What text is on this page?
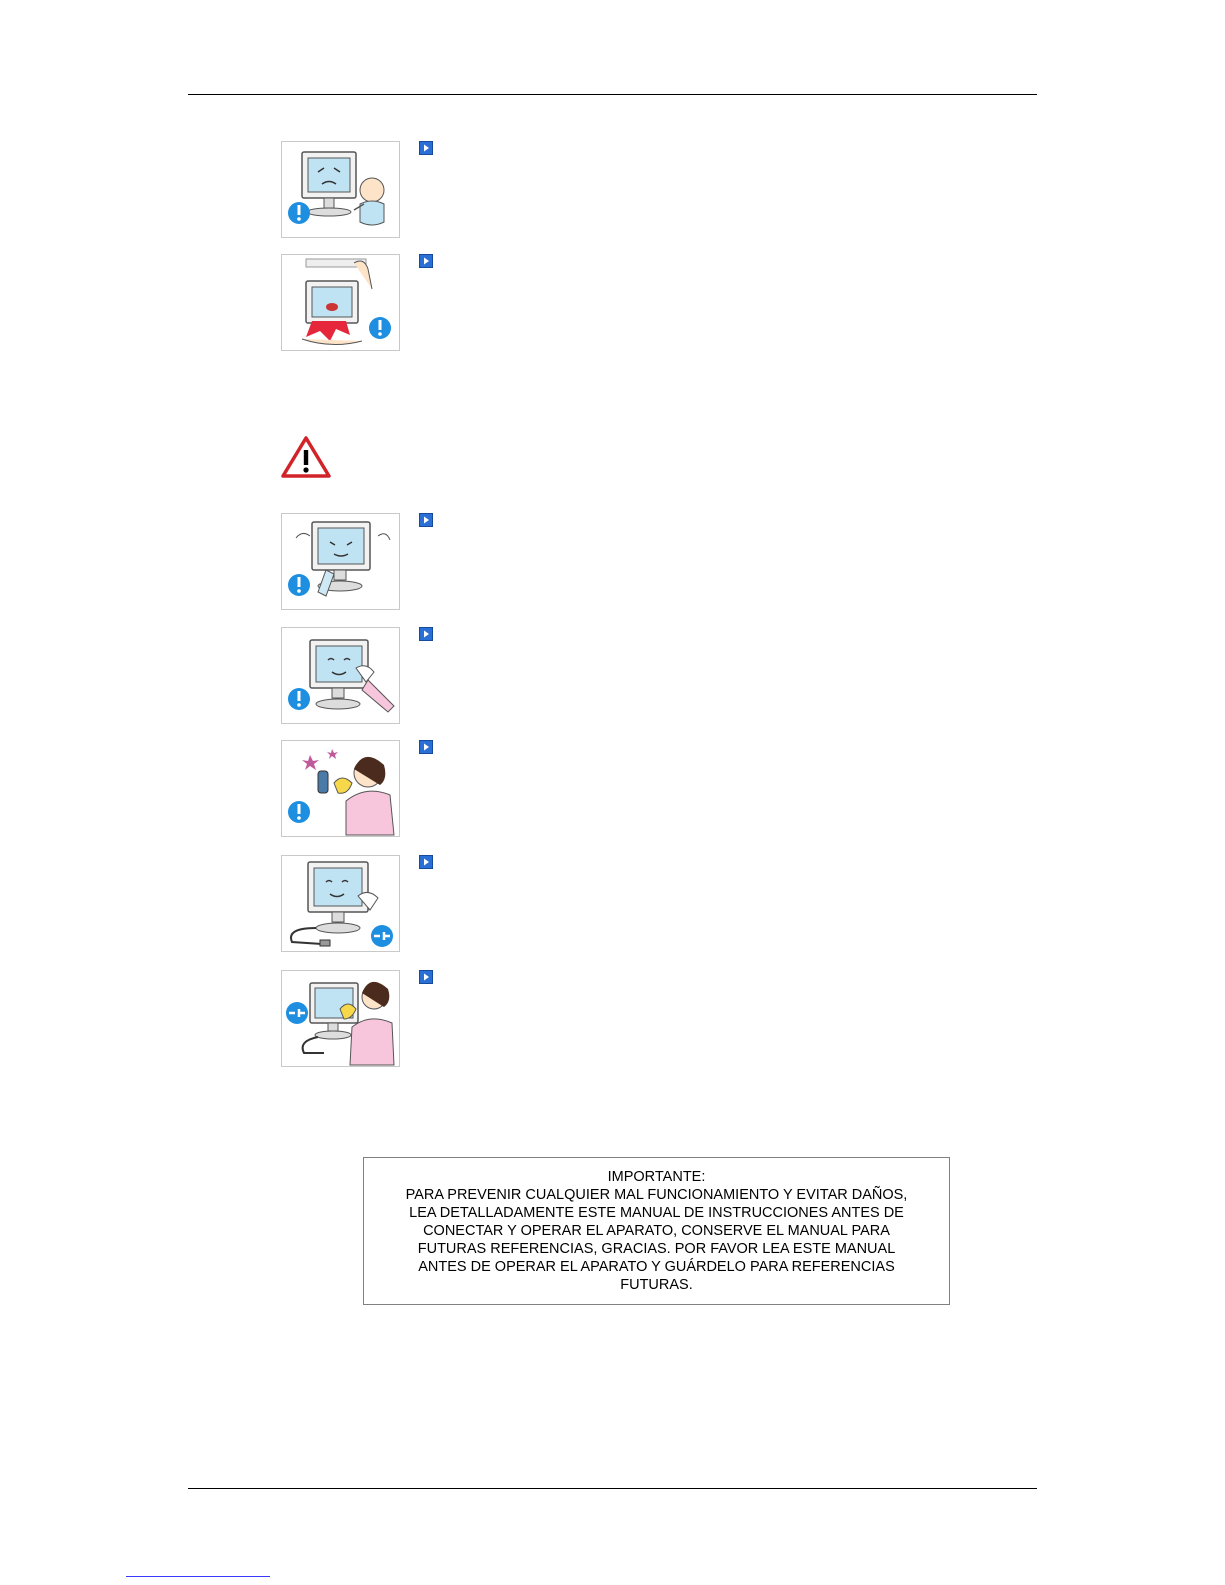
IMPORTANTE:
PARA PREVENIR CUALQUIER MAL FUNCIONAMIENTO Y EVITAR DAÑOS,
LEA DETALLADAMENTE ESTE MANUAL DE INSTRUCCIONES ANTES DE
CONECTAR Y OPERAR EL APARATO, CONSERVE EL MANUAL PARA
FUTURAS REFERENCIAS, GRACIAS. POR FAVOR LEA ESTE MANUAL
ANTES DE OPERAR EL APARATO Y GUÁRDELO PARA REFERENCIAS
FUTURAS.
